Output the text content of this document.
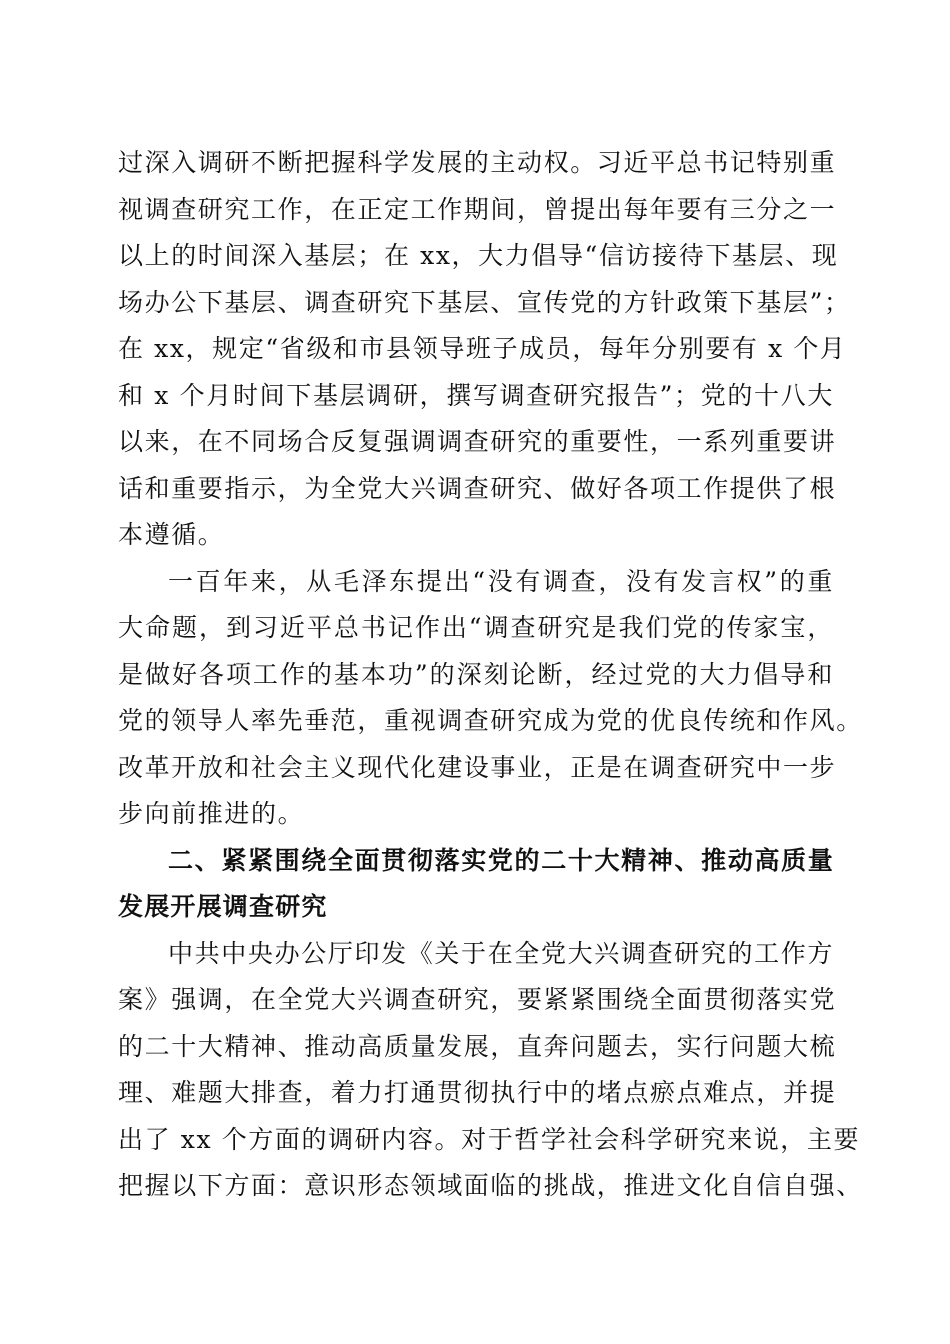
过深入调研不断把握科学发展的主动权。习近平总书记特别重
视调查研究工作，在正定工作期间，曾提出每年要有三分之一
以上的时间深入基层；在 xx，大力倡导“信访接待下基层、现
场办公下基层、调查研究下基层、宣传党的方针政策下基层”；
在 xx，规定“省级和市县领导班子成员，每年分别要有 x 个月
和 x 个月时间下基层调研，撰写调查研究报告”；党的十八大
以来，在不同场合反复强调调查研究的重要性，一系列重要讲
话和重要指示，为全党大兴调查研究、做好各项工作提供了根
本遵循。
一百年来，从毛泽东提出“没有调查，没有发言权”的重
大命题，到习近平总书记作出“调查研究是我们党的传家宝，
是做好各项工作的基本功”的深刻论断，经过党的大力倡导和
党的领导人率先垂范，重视调查研究成为党的优良传统和作风。
改革开放和社会主义现代化建设事业，正是在调查研究中一步
步向前推进的。
二、紧紧围绕全面贯彻落实党的二十大精神、推动高质量
发展开展调查研究
中共中央办公厅印发《关于在全党大兴调查研究的工作方
案》强调，在全党大兴调查研究，要紧紧围绕全面贯彻落实党
的二十大精神、推动高质量发展，直奔问题去，实行问题大梳
理、难题大排查，着力打通贯彻执行中的堵点瘀点难点，并提
出了 xx 个方面的调研内容。对于哲学社会科学研究来说，主要
把握以下方面：意识形态领域面临的挑战，推进文化自信自强、
